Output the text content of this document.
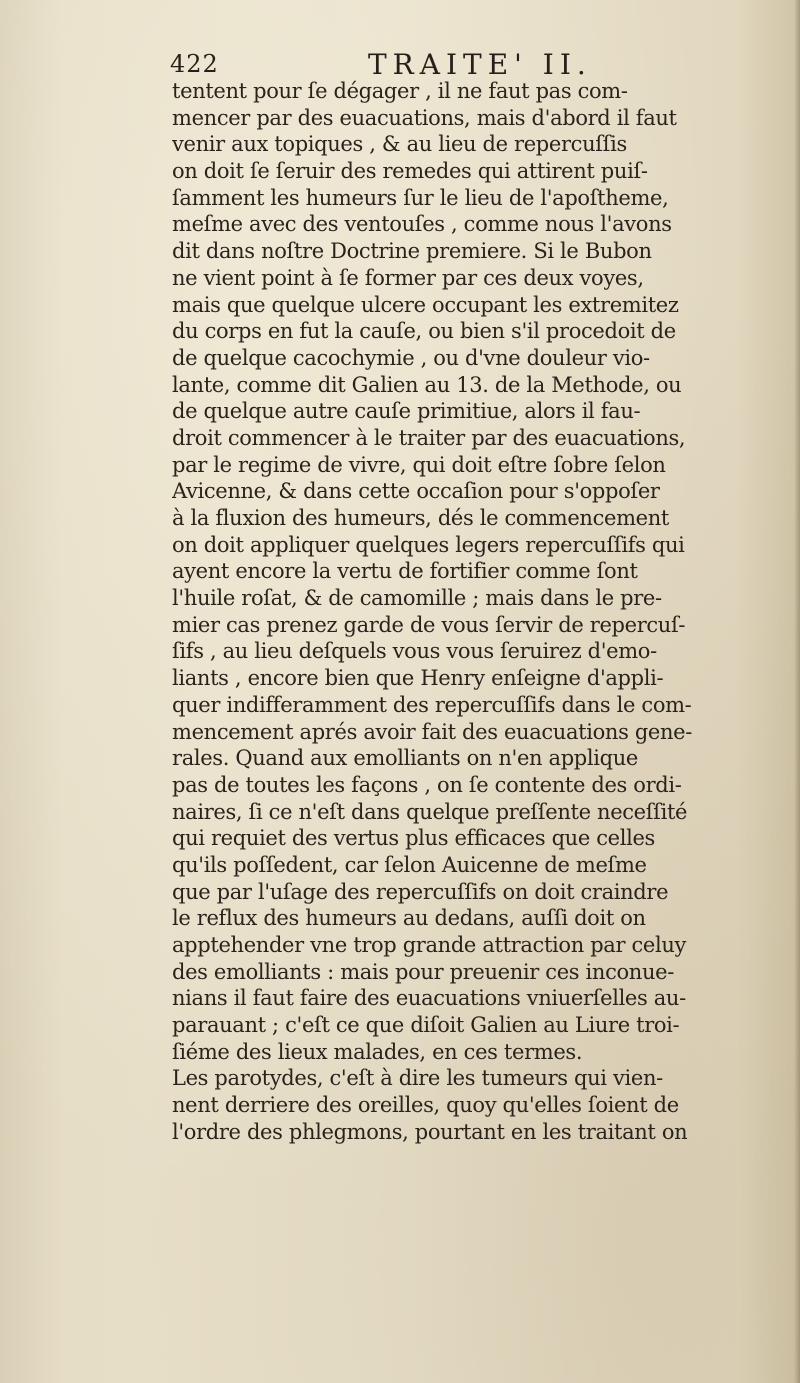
422	TRAITE' II.
tentent pour ſe dégager , il ne faut pas com-
mencer par des euacuations, mais d'abord il faut
venir aux topiques , & au lieu de repercuſſis
on doit ſe ſeruir des remedes qui attirent puiſ-
ſamment les humeurs ſur le lieu de l'apoſtheme,
meſme avec des ventouſes , comme nous l'avons
dit dans noſtre Doctrine premiere. Si le Bubon
ne vient point à ſe former par ces deux voyes,
mais que quelque ulcere occupant les extremitez
du corps en fut la cauſe, ou bien s'il procedoit de
de quelque cacochymie , ou d'vne douleur vio-
lante, comme dit Galien au 13. de la Methode, ou
de quelque autre cauſe primitiue, alors il fau-
droit commencer à le traiter par des euacuations,
par le regime de vivre, qui doit eſtre ſobre ſelon
Avicenne, & dans cette occaſion pour s'oppoſer
à la fluxion des humeurs, dés le commencement
on doit appliquer quelques legers repercuſſifs qui
ayent encore la vertu de fortifier comme ſont
l'huile roſat, & de camomille ; mais dans le pre-
mier cas prenez garde de vous ſervir de repercuſ-
ſifs , au lieu deſquels vous vous ſeruirez d'emo-
liants , encore bien que Henry enſeigne d'appli-
quer indifferamment des repercuſſifs dans le com-
mencement aprés avoir fait des euacuations gene-
rales. Quand aux emolliants on n'en applique
pas de toutes les façons , on ſe contente des ordi-
naires, ſi ce n'eſt dans quelque preſſente neceſſité
qui requiet des vertus plus efficaces que celles
qu'ils poſſedent, car ſelon Auicenne de meſme
que par l'uſage des repercuſſifs on doit craindre
le reflux des humeurs au dedans, auſſi doit on
apptehender vne trop grande attraction par celuy
des emolliants : mais pour preuenir ces inconue-
nians il faut faire des euacuations vniuerſelles au-
parauant ; c'eſt ce que diſoit Galien au Liure troi-
ſiéme des lieux malades, en ces termes.
Les parotydes, c'eſt à dire les tumeurs qui vien-
nent derriere des oreilles, quoy qu'elles ſoient de
l'ordre des phlegmons, pourtant en les traitant on
